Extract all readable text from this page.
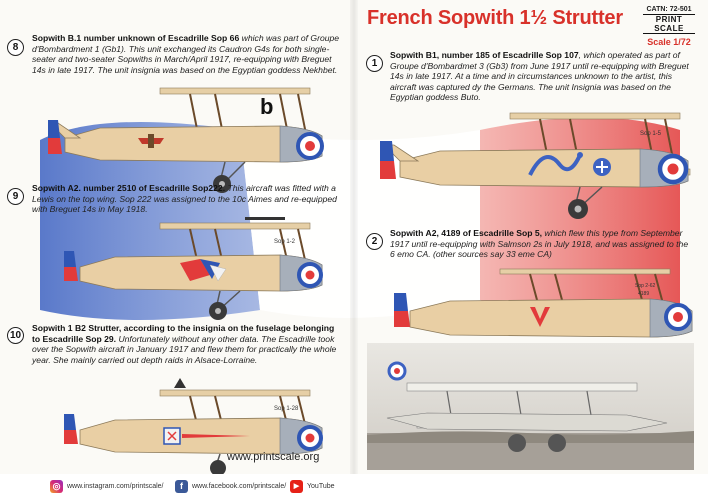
French Sopwith 1½ Strutter	CATN: 72-501
PRINT SCALE
Scale 1/72
8
Sopwith B.1 number unknown of Escadrille Sop 66 which was part of Groupe d'Bombardment 1 (Gb1). This unit exchanged its Caudron G4s for both single-seater and two-seater Sopwiths in March/April 1917, re-equipping with Breguet 14s in late 1917. The unit insignia was based on the Egyptian goddess Nekhbet.
b
9
Sopwith A2. number 2510 of Escadrille Sop222. This aircraft was fitted with a Lewis on the top wing. Sop 222 was assigned to the 10c Aimes and re-equipped with Breguet 14s in May 1918.
Sop 1-2
10
Sopwith 1 B2 Strutter, according to the insignia on the fuselage belonging to Escadrille Sop 29. Unfortunately without any other data. The Escadrille took over the Sopwith aircraft in January 1917 and flew them for practically the whole year. She mainly carried out depth raids in Alsace-Lorraine.
Sop 1-28
www.printscale.org
1
Sopwith B1, number 185 of Escadrille Sop 107, which operated as part of Groupe d'Bombardmet 3 (Gb3) from June 1917 until re-equipping with Breguet 14s in late 1917. At a time and in circumstances unknown to the artist, this aircraft was captured dy the Germans. The unit Insignia was based on the Egyptian goddess Buto.
Sop 1-5
2
Sopwith A2, 4189 of Escadrille Sop 5, which flew this type from September 1917 until re-equipping with Salmson 2s in July 1918, and was assigned to the 6 emo CA. (other sources say 33 eme CA)
Sop 2-62
4189
◎ www.instagram.com/printscale/	f	www.facebook.com/printscale/	▶	YouTube
